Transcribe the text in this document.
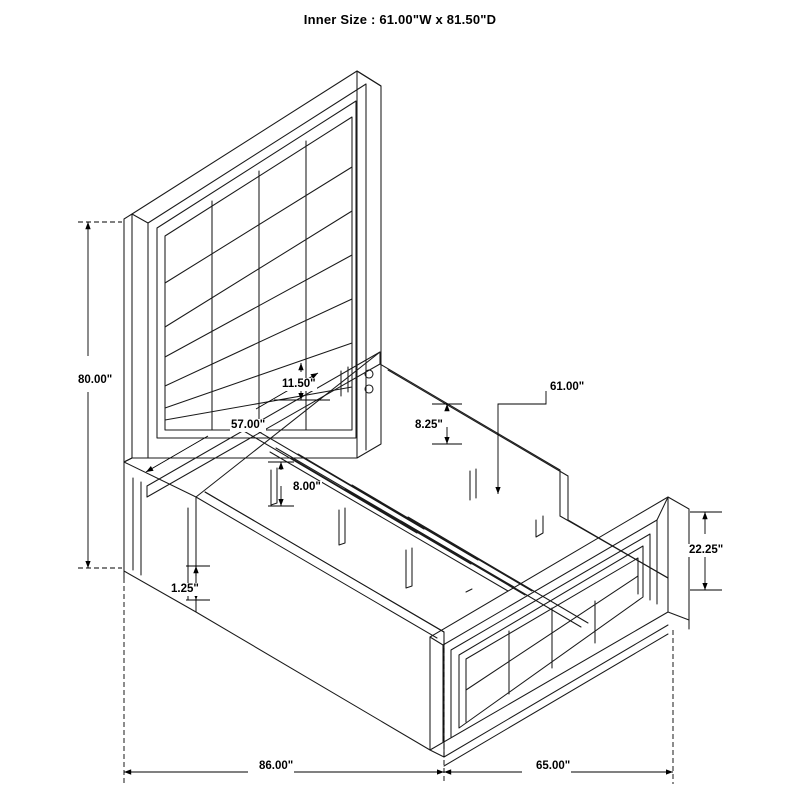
Inner Size : 61.00"W x 81.50"D
80.00"	11.50"
57.00"	8.25"
61.00"
8.00"
22.25"
1.25"
86.00"	65.00"
